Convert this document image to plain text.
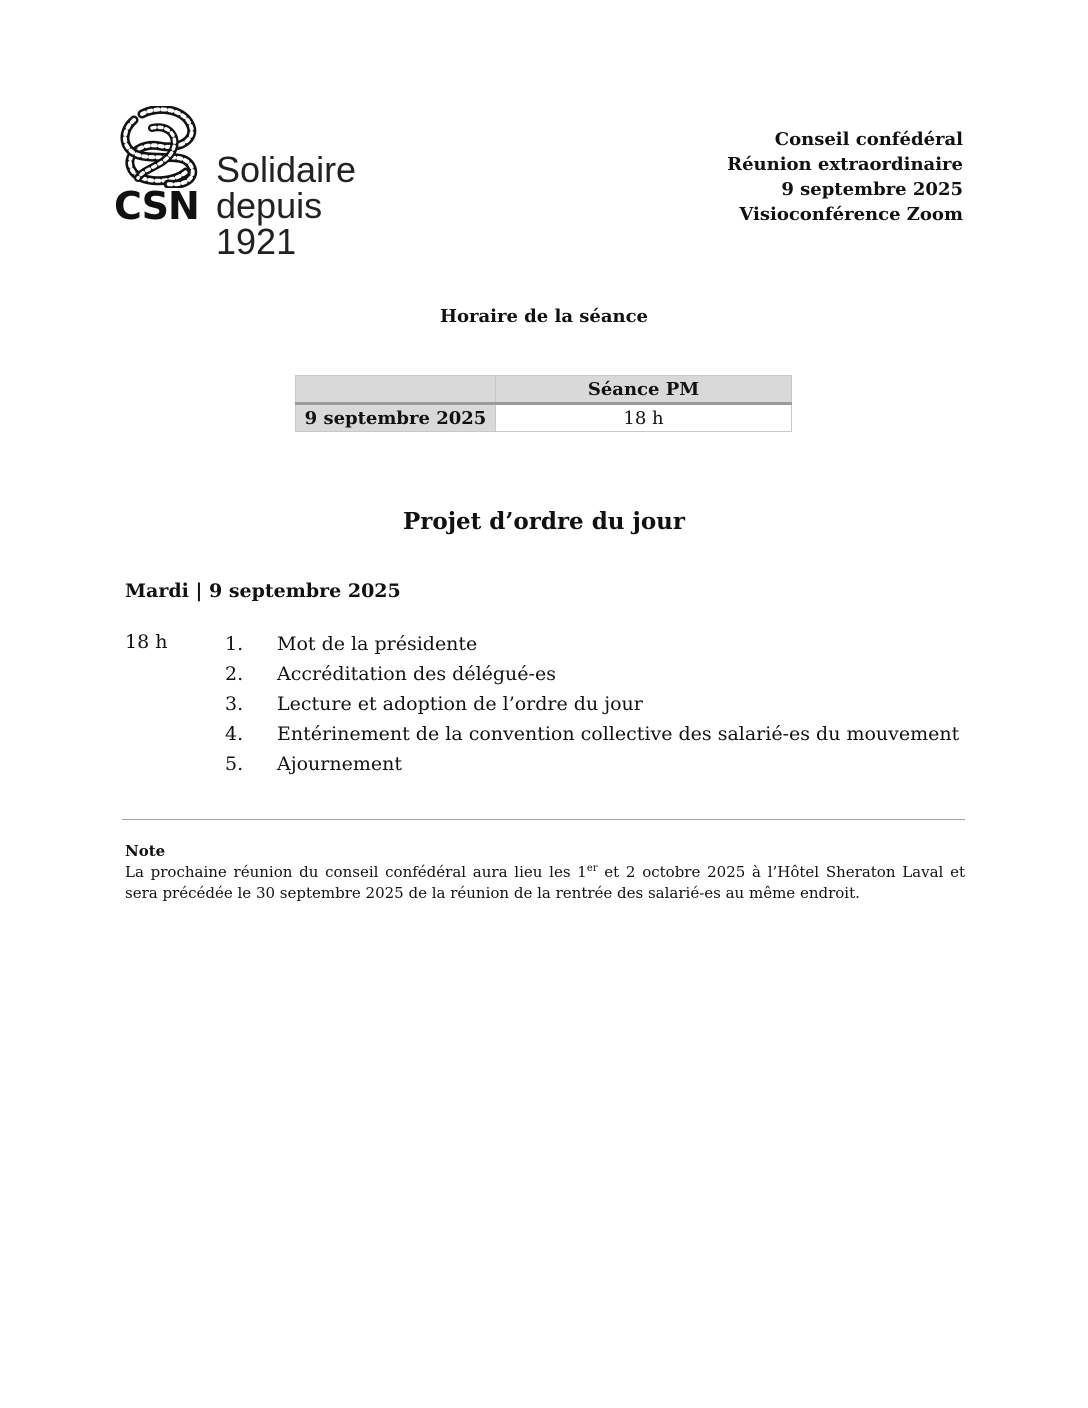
CSN
Solidaire
depuis 1921
Conseil confédéral
Réunion extraordinaire
9 septembre 2025
Visioconférence Zoom
Horaire de la séance
	Séance PM
9 septembre 2025	18 h
Projet d’ordre du jour
Mardi | 9 septembre 2025
18 h	1. Mot de la présidente
2. Accréditation des délégué-es
3. Lecture et adoption de l’ordre du jour
4. Entérinement de la convention collective des salarié-es du mouvement
5. Ajournement
Note
La prochaine réunion du conseil confédéral aura lieu les 1er et 2 octobre 2025 à l’Hôtel Sheraton Laval et sera précédée le 30 septembre 2025 de la réunion de la rentrée des salarié-es au même endroit.
